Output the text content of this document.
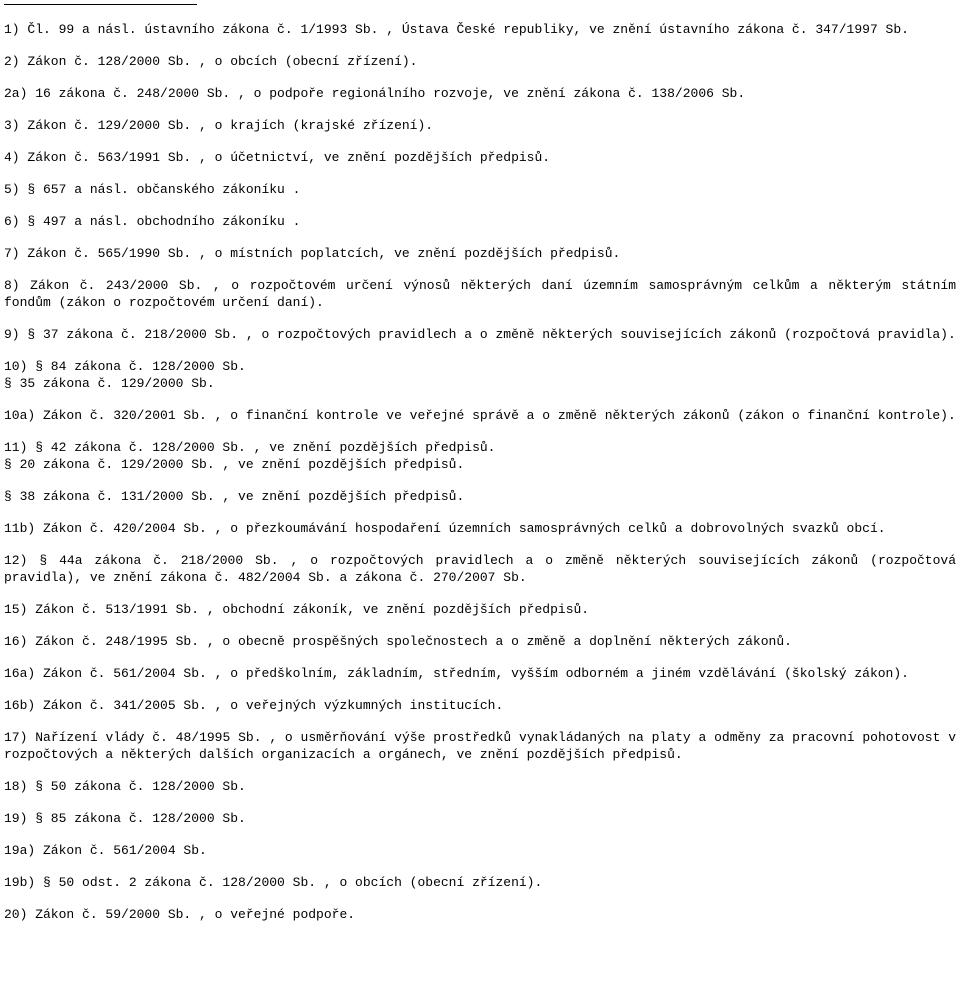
1) Čl. 99 a násl. ústavního zákona č. 1/1993 Sb. , Ústava České republiky, ve znění ústavního zákona č. 347/1997 Sb.
2) Zákon č. 128/2000 Sb. , o obcích (obecní zřízení).
2a) 16 zákona č. 248/2000 Sb. , o podpoře regionálního rozvoje, ve znění zákona č. 138/2006 Sb.
3) Zákon č. 129/2000 Sb. , o krajích (krajské zřízení).
4) Zákon č. 563/1991 Sb. , o účetnictví, ve znění pozdějších předpisů.
5) § 657 a násl. občanského zákoníku .
6) § 497 a násl. obchodního zákoníku .
7) Zákon č. 565/1990 Sb. , o místních poplatcích, ve znění pozdějších předpisů.
8) Zákon č. 243/2000 Sb. , o rozpočtovém určení výnosů některých daní územním samosprávným celkům a některým státním fondům (zákon o rozpočtovém určení daní).
9) § 37 zákona č. 218/2000 Sb. , o rozpočtových pravidlech a o změně některých souvisejících zákonů (rozpočtová pravidla).
10) § 84 zákona č. 128/2000 Sb.
§ 35 zákona č. 129/2000 Sb.
10a) Zákon č. 320/2001 Sb. , o finanční kontrole ve veřejné správě a o změně některých zákonů (zákon o finanční kontrole).
11) § 42 zákona č. 128/2000 Sb. , ve znění pozdějších předpisů.
§ 20 zákona č. 129/2000 Sb. , ve znění pozdějších předpisů.
§ 38 zákona č. 131/2000 Sb. , ve znění pozdějších předpisů.
11b) Zákon č. 420/2004 Sb. , o přezkoumávání hospodaření územních samosprávných celků a dobrovolných svazků obcí.
12) § 44a zákona č. 218/2000 Sb. , o rozpočtových pravidlech a o změně některých souvisejících zákonů (rozpočtová pravidla), ve znění zákona č. 482/2004 Sb. a zákona č. 270/2007 Sb.
15) Zákon č. 513/1991 Sb. , obchodní zákoník, ve znění pozdějších předpisů.
16) Zákon č. 248/1995 Sb. , o obecně prospěšných společnostech a o změně a doplnění některých zákonů.
16a) Zákon č. 561/2004 Sb. , o předškolním, základním, středním, vyšším odborném a jiném vzdělávání (školský zákon).
16b) Zákon č. 341/2005 Sb. , o veřejných výzkumných institucích.
17) Nařízení vlády č. 48/1995 Sb. , o usměrňování výše prostředků vynakládaných na platy a odměny za pracovní pohotovost v rozpočtových a některých dalších organizacích a orgánech, ve znění pozdějších předpisů.
18) § 50 zákona č. 128/2000 Sb.
19) § 85 zákona č. 128/2000 Sb.
19a) Zákon č. 561/2004 Sb.
19b) § 50 odst. 2 zákona č. 128/2000 Sb. , o obcích (obecní zřízení).
20) Zákon č. 59/2000 Sb. , o veřejné podpoře.
